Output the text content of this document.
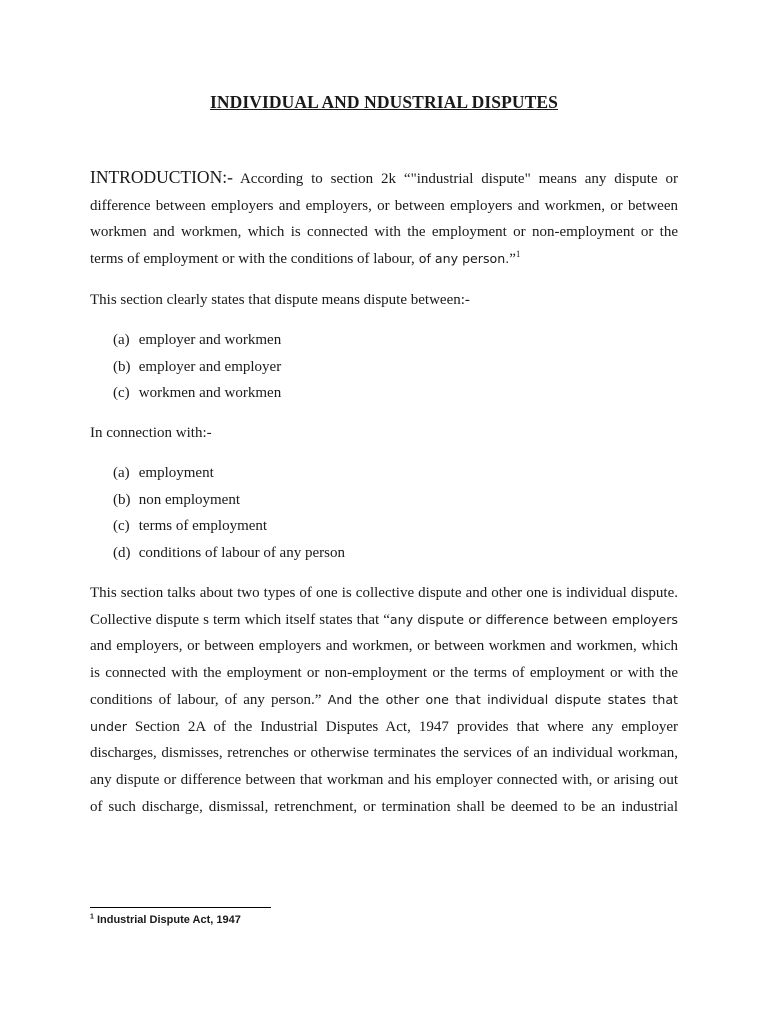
INDIVIDUAL AND NDUSTRIAL DISPUTES
INTRODUCTION:- According to section 2k “"industrial dispute" means any dispute or difference between employers and employers, or between employers and workmen, or between workmen and workmen, which is connected with the employment or non-employment or the terms of employment or with the conditions of labour, of any person.”$^1$

This section clearly states that dispute means dispute between:-

(a) employer and workmen
(b) employer and employer
(c) workmen and workmen

In connection with:-

(a) employment
(b) non employment
(c) terms of employment
(d) conditions of labour of any person
This section talks about two types of one is collective dispute and other one is individual dispute. Collective dispute s term which itself states that “any dispute or difference between employers and employers, or between employers and workmen, or between workmen and workmen, which is connected with the employment or non-employment or the terms of employment or with the conditions of labour, of any person.” And the other one that individual dispute states that under Section 2A of the Industrial Disputes Act, 1947 provides that where any employer discharges, dismisses, retrenches or otherwise terminates the services of an individual workman, any dispute or difference between that workman and his employer connected with, or arising out of such discharge, dismissal, retrenchment, or termination shall be deemed to be an industrial
$^1$ Industrial Dispute Act, 1947
